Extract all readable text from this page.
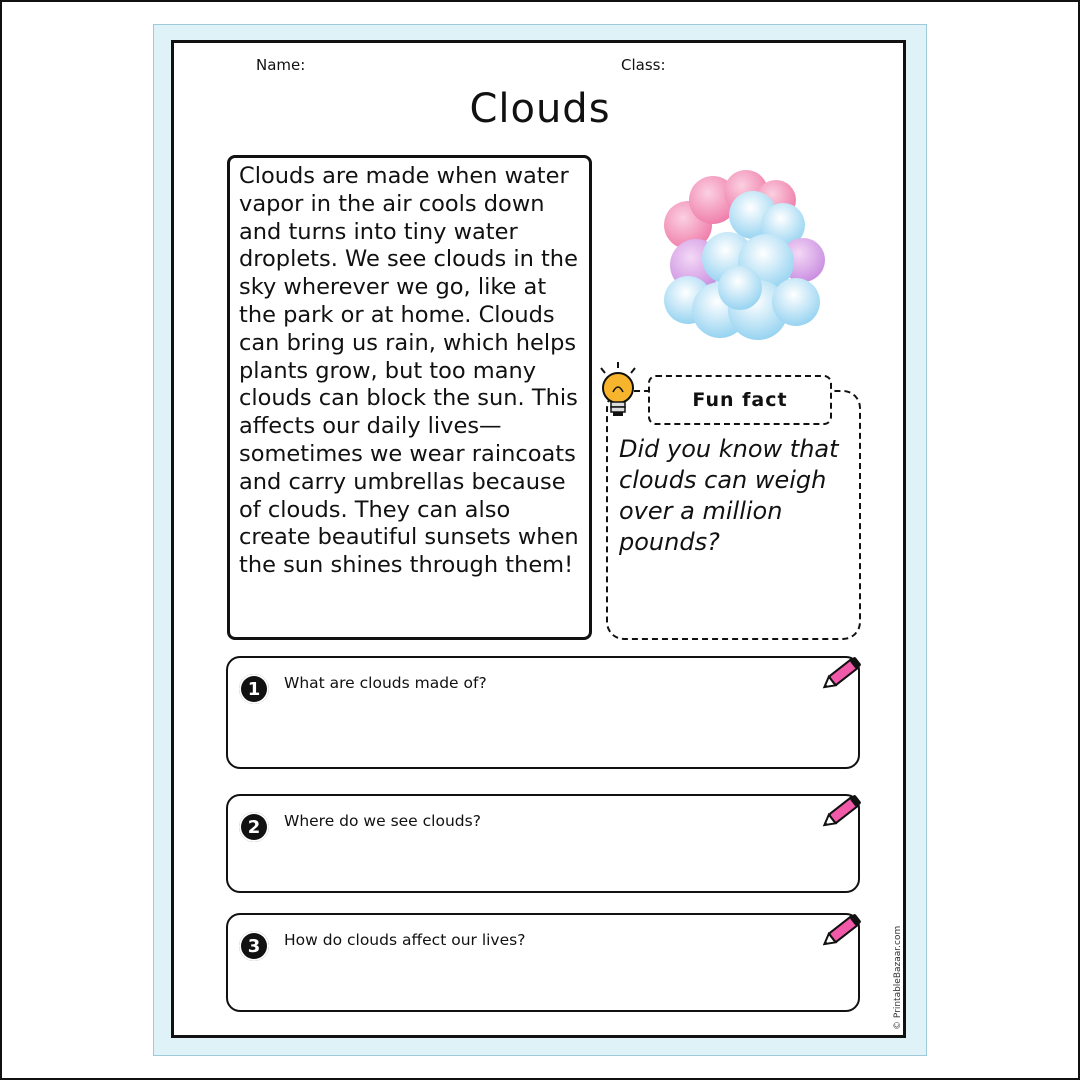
Name:	Class:
Clouds
Clouds are made when water vapor in the air cools down and turns into tiny water droplets. We see clouds in the sky wherever we go, like at the park or at home. Clouds can bring us rain, which helps plants grow, but too many clouds can block the sun. This affects our daily lives—sometimes we wear raincoats and carry umbrellas because of clouds. They can also create beautiful sunsets when the sun shines through them!
Fun fact
Did you know that clouds can weigh over a million pounds?
1	What are clouds made of?
2	Where do we see clouds?
3	How do clouds affect our lives?	© PrintableBazaar.com
